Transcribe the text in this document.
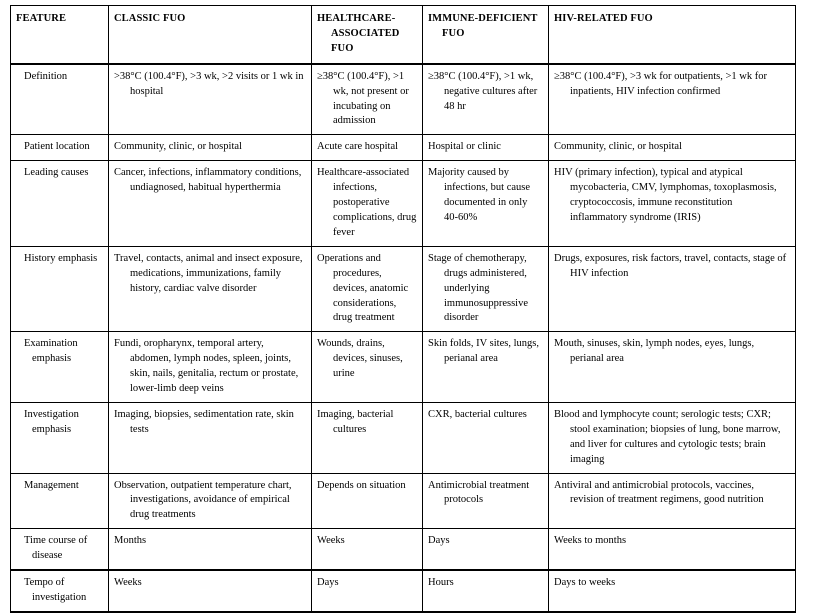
FEATURE	CLASSIC FUO	HEALTHCARE-ASSOCIATED FUO	IMMUNE-DEFICIENT FUO	HIV-RELATED FUO

Definition	>38°C (100.4°F), >3 wk, >2 visits or 1 wk in hospital	≥38°C (100.4°F), >1 wk, not present or incubating on admission	≥38°C (100.4°F), >1 wk, negative cultures after 48 hr	≥38°C (100.4°F), >3 wk for outpatients, >1 wk for inpatients, HIV infection confirmed

Patient location	Community, clinic, or hospital	Acute care hospital	Hospital or clinic	Community, clinic, or hospital

Leading causes	Cancer, infections, inflammatory conditions, undiagnosed, habitual hyperthermia	Healthcare-associated infections, postoperative complications, drug fever	Majority caused by infections, but cause documented in only 40-60%	HIV (primary infection), typical and atypical mycobacteria, CMV, lymphomas, toxoplasmosis, cryptococcosis, immune reconstitution inflammatory syndrome (IRIS)

History emphasis	Travel, contacts, animal and insect exposure, medications, immunizations, family history, cardiac valve disorder	Operations and procedures, devices, anatomic considerations, drug treatment	Stage of chemotherapy, drugs administered, underlying immunosuppressive disorder	Drugs, exposures, risk factors, travel, contacts, stage of HIV infection

Examination emphasis	Fundi, oropharynx, temporal artery, abdomen, lymph nodes, spleen, joints, skin, nails, genitalia, rectum or prostate, lower-limb deep veins	Wounds, drains, devices, sinuses, urine	Skin folds, IV sites, lungs, perianal area	Mouth, sinuses, skin, lymph nodes, eyes, lungs, perianal area

Investigation emphasis	Imaging, biopsies, sedimentation rate, skin tests	Imaging, bacterial cultures	CXR, bacterial cultures	Blood and lymphocyte count; serologic tests; CXR; stool examination; biopsies of lung, bone marrow, and liver for cultures and cytologic tests; brain imaging

Management	Observation, outpatient temperature chart, investigations, avoidance of empirical drug treatments	Depends on situation	Antimicrobial treatment protocols	Antiviral and antimicrobial protocols, vaccines, revision of treatment regimens, good nutrition

Time course of disease	Months	Weeks	Days	Weeks to months

Tempo of investigation	Weeks	Days	Hours	Days to weeks
